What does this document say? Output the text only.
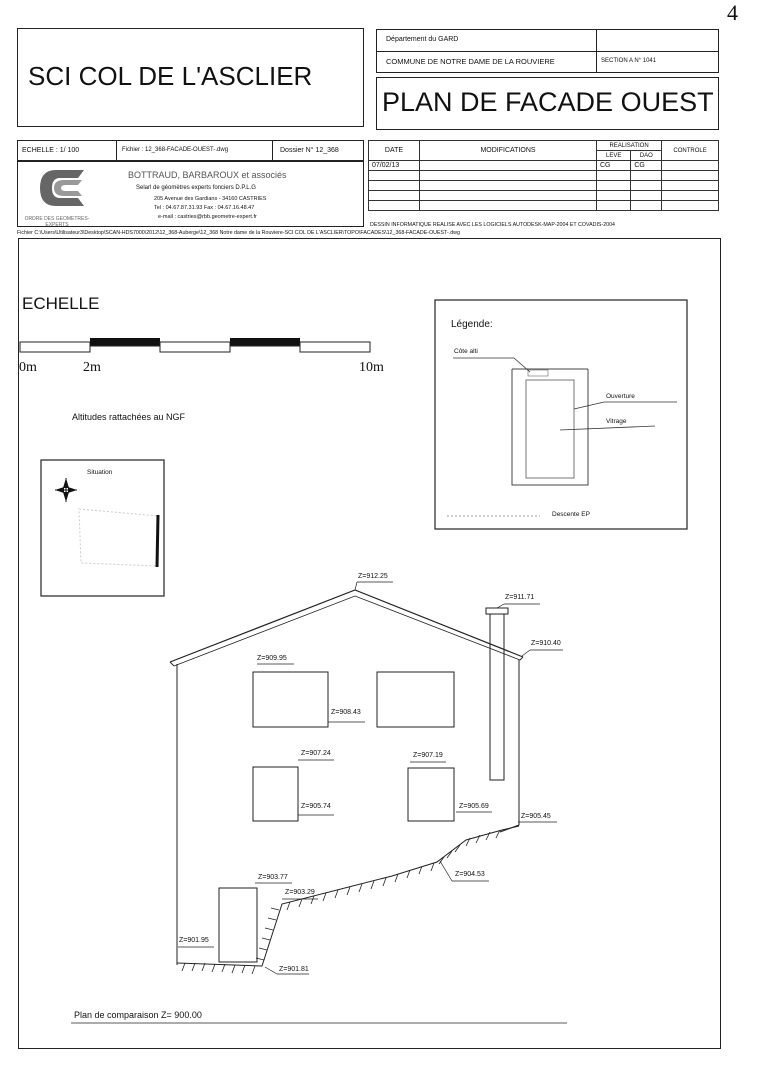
4
SCI COL DE L'ASCLIER
Département du GARD
COMMUNE DE NOTRE DAME DE LA ROUVIERE	SECTION A N° 1041
PLAN DE FACADE OUEST
ECHELLE : 1/ 100	Fichier : 12_368-FACADE-OUEST-.dwg	Dossier N° 12_368
ORDRE DES GEOMETRES-EXPERTS
BOTTRAUD, BARBAROUX et associés
Selarl de géomètres experts fonciers D.P.L.G
205 Avenue des Gardians - 34160 CASTRIES
Tel : 04.67.87.31.93 Fax : 04.67.16.48.47
e-mail : castries@rbb.geometre-expert.fr
DATE	MODIFICATIONS	REALISATION		CONTROLE
		LEVE	DAO	
07/02/13		CG	CG	

DESSIN INFORMATIQUE REALISE AVEC LES LOGICIELS AUTODESK-MAP-2004 ET COVADIS-2004
Fichier C:\Users\Utilisateur3\Desktop\SCAN-HDS7000\2012\12_368-Auberge\12_368 Notre dame de la Rouviere-SCI COL DE L'ASCLIER\TOPO\FACADES\12_368-FACADE-OUEST-.dwg
ECHELLE
0m	2m	10m
Altitudes rattachées au NGF
Légende:
Côte alti
Ouverture
Vitrage
Descente EP
Situation
Z=912.25
Z=911.71
Z=910.40
Z=909.95
Z=908.43
Z=907.24
Z=905.74
Z=907.19
Z=905.69
Z=905.45
Z=904.53
Z=903.77
Z=903.29
Z=901.95
Z=901.81
Plan de comparaison Z= 900.00
